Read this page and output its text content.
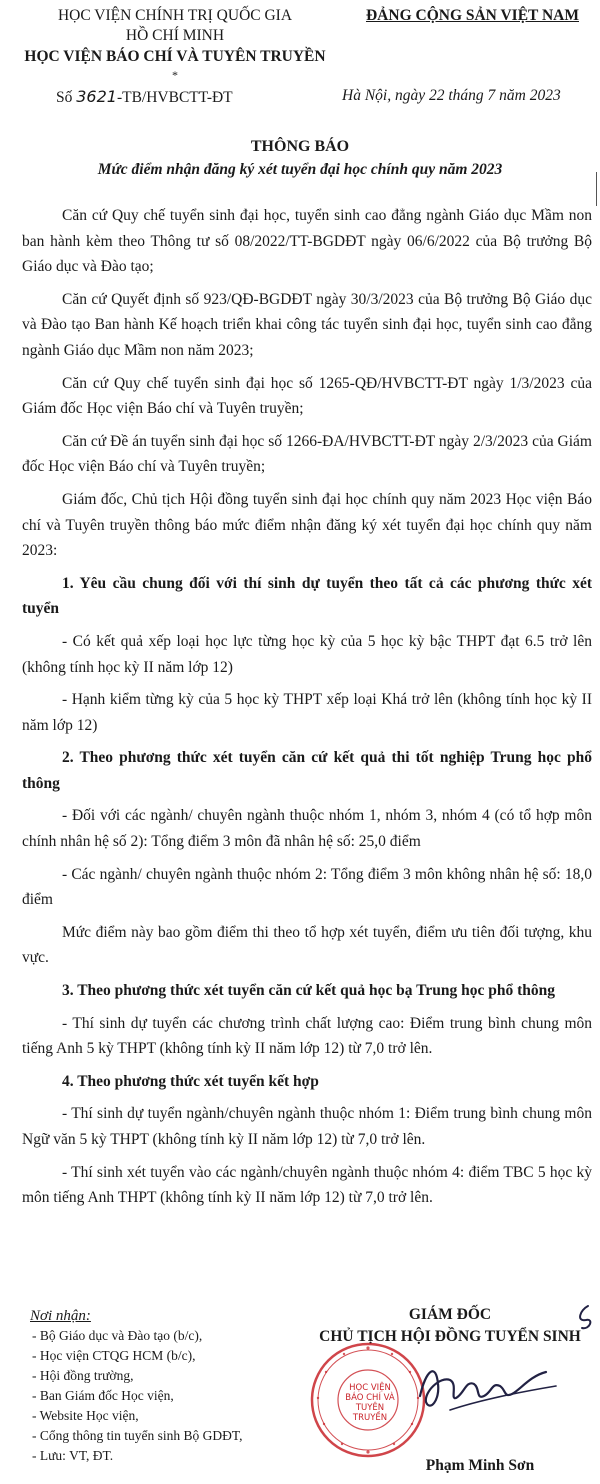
HỌC VIỆN CHÍNH TRỊ QUỐC GIA
HỒ CHÍ MINH
HỌC VIỆN BÁO CHÍ VÀ TUYÊN TRUYỀN
*
ĐẢNG CỘNG SẢN VIỆT NAM
Số 3621-TB/HVBCTT-ĐT	Hà Nội, ngày 22 tháng 7 năm 2023
THÔNG BÁO
Mức điểm nhận đăng ký xét tuyển đại học chính quy năm 2023

Căn cứ Quy chế tuyển sinh đại học, tuyển sinh cao đẳng ngành Giáo dục Mầm non ban hành kèm theo Thông tư số 08/2022/TT-BGDĐT ngày 06/6/2022 của Bộ trưởng Bộ Giáo dục và Đào tạo;

Căn cứ Quyết định số 923/QĐ-BGDĐT ngày 30/3/2023 của Bộ trưởng Bộ Giáo dục và Đào tạo Ban hành Kế hoạch triển khai công tác tuyển sinh đại học, tuyển sinh cao đẳng ngành Giáo dục Mầm non năm 2023;

Căn cứ Quy chế tuyển sinh đại học số 1265-QĐ/HVBCTT-ĐT ngày 1/3/2023 của Giám đốc Học viện Báo chí và Tuyên truyền;

Căn cứ Đề án tuyển sinh đại học số 1266-ĐA/HVBCTT-ĐT ngày 2/3/2023 của Giám đốc Học viện Báo chí và Tuyên truyền;

Giám đốc, Chủ tịch Hội đồng tuyển sinh đại học chính quy năm 2023 Học viện Báo chí và Tuyên truyền thông báo mức điểm nhận đăng ký xét tuyển đại học chính quy năm 2023:

1. Yêu cầu chung đối với thí sinh dự tuyển theo tất cả các phương thức xét tuyển

- Có kết quả xếp loại học lực từng học kỳ của 5 học kỳ bậc THPT đạt 6.5 trở lên (không tính học kỳ II năm lớp 12)

- Hạnh kiểm từng kỳ của 5 học kỳ THPT xếp loại Khá trở lên (không tính học kỳ II năm lớp 12)

2. Theo phương thức xét tuyển căn cứ kết quả thi tốt nghiệp Trung học phổ thông

- Đối với các ngành/ chuyên ngành thuộc nhóm 1, nhóm 3, nhóm 4 (có tổ hợp môn chính nhân hệ số 2): Tổng điểm 3 môn đã nhân hệ số: 25,0 điểm

- Các ngành/ chuyên ngành thuộc nhóm 2: Tổng điểm 3 môn không nhân hệ số: 18,0 điểm

Mức điểm này bao gồm điểm thi theo tổ hợp xét tuyển, điểm ưu tiên đối tượng, khu vực.

3. Theo phương thức xét tuyển căn cứ kết quả học bạ Trung học phổ thông

- Thí sinh dự tuyển các chương trình chất lượng cao: Điểm trung bình chung môn tiếng Anh 5 kỳ THPT (không tính kỳ II năm lớp 12) từ 7,0 trở lên.

4. Theo phương thức xét tuyển kết hợp

- Thí sinh dự tuyển ngành/chuyên ngành thuộc nhóm 1: Điểm trung bình chung môn Ngữ văn 5 kỳ THPT (không tính kỳ II năm lớp 12) từ 7,0 trở lên.

- Thí sinh xét tuyển vào các ngành/chuyên ngành thuộc nhóm 4: điểm TBC 5 học kỳ môn tiếng Anh THPT (không tính kỳ II năm lớp 12) từ 7,0 trở lên.

Nơi nhận:
- Bộ Giáo dục và Đào tạo (b/c),
- Học viện CTQG HCM (b/c),
- Hội đồng trường,
- Ban Giám đốc Học viện,
- Website Học viện,
- Cổng thông tin tuyển sinh Bộ GDĐT,
- Lưu: VT, ĐT.
GIÁM ĐỐC
CHỦ TỊCH HỘI ĐỒNG TUYỂN SINH
HỌC VIỆN BÁO CHÍ VÀ TUYÊN TRUYỀN
Phạm Minh Sơn
